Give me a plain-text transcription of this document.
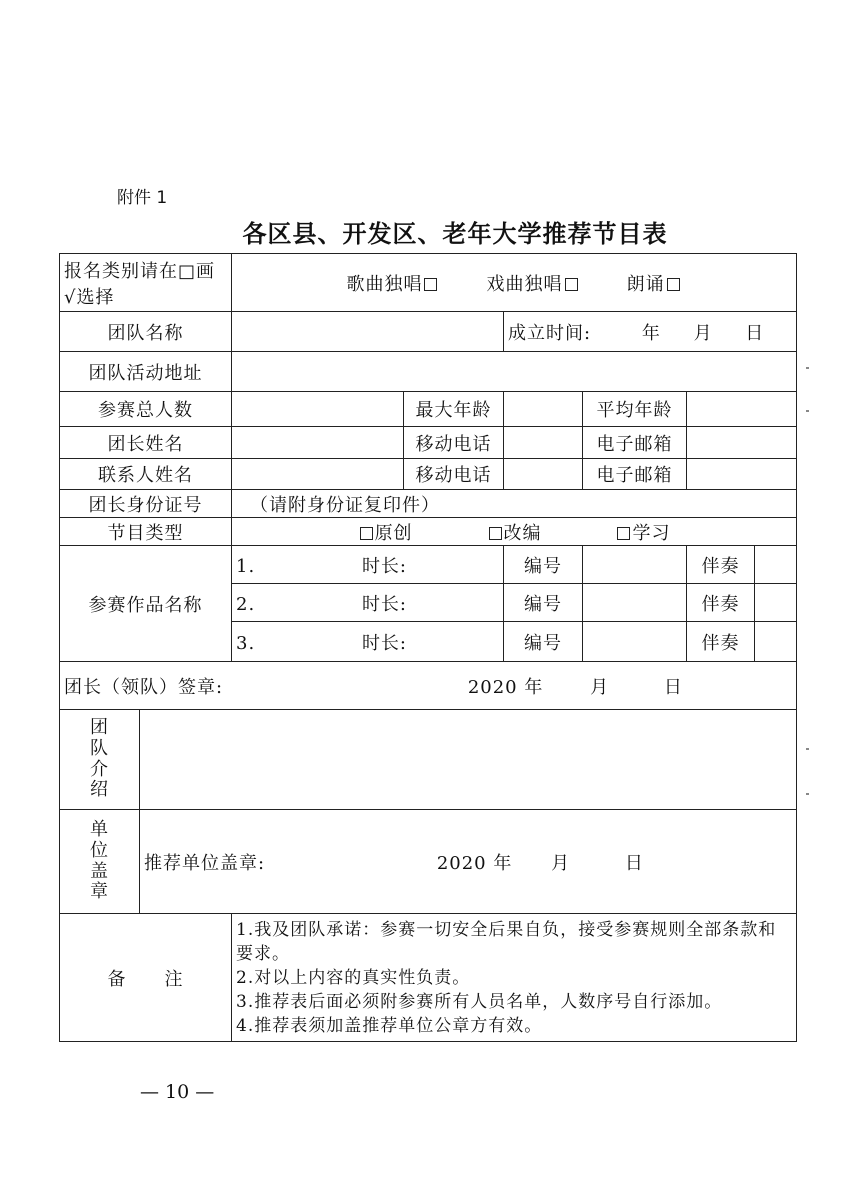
附件 1
各区县、开发区、老年大学推荐节目表
报名类别请在□画√选择		歌曲独唱 戏曲独唱 朗诵					
团队名称				成立时间: 年 月 日			
团队活动地址							
参赛总人数			最大年龄		平均年龄		
团长姓名			移动电话		电子邮箱		
联系人姓名			移动电话		电子邮箱		
团长身份证号		（请附身份证复印件）					
节目类型		原创 改编 学习					
参赛作品名称		1. 时长:		编号		伴奏	
		2. 时长:		编号		伴奏	
		3. 时长:		编号		伴奏	
团长（领队）签章: 2020 年 月 日							

团队介绍							

单位盖章	推荐单位盖章: 2020 年 月 日						
备　　注		1.我及团队承诺：参赛一切安全后果自负，接受参赛规则全部条款和要求。
2.对以上内容的真实性负责。
3.推荐表后面必须附参赛所有人员名单，人数序号自行添加。
4.推荐表须加盖推荐单位公章方有效。					
— 10 —
